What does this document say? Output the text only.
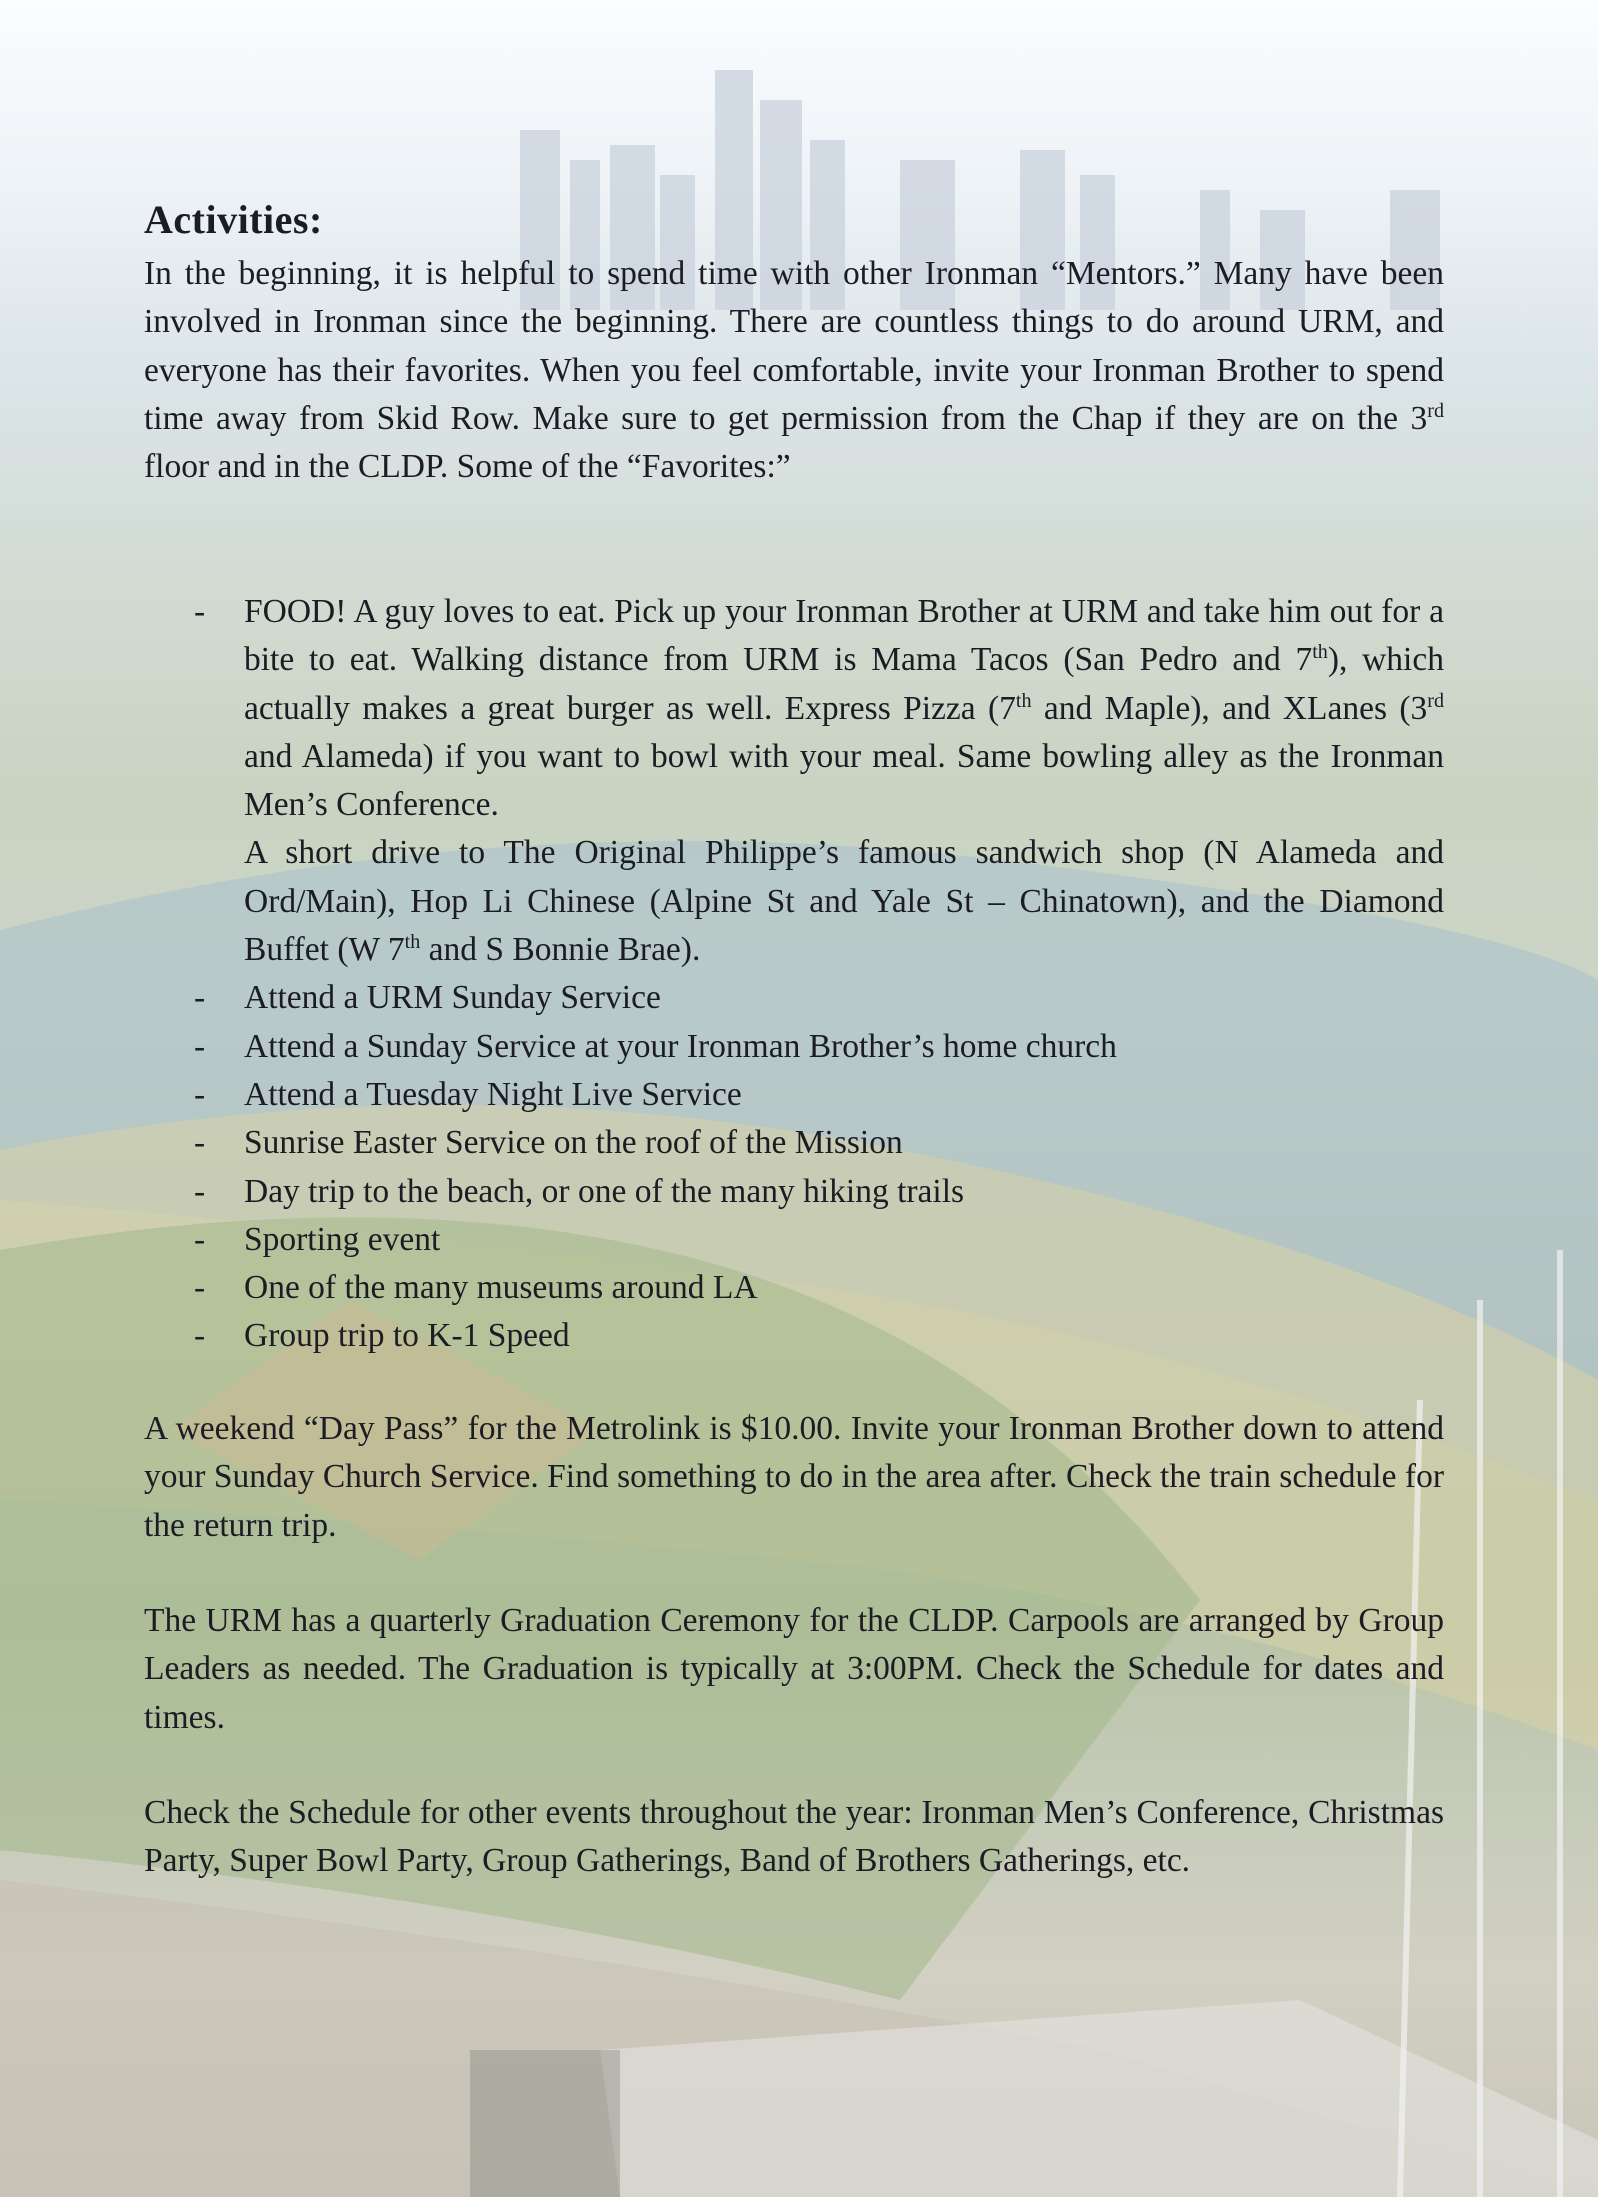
Activities:

In the beginning, it is helpful to spend time with other Ironman “Mentors.” Many have been involved in Ironman since the beginning. There are countless things to do around URM, and everyone has their favorites. When you feel comfortable, invite your Ironman Brother to spend time away from Skid Row. Make sure to get permission from the Chap if they are on the 3rd floor and in the CLDP. Some of the “Favorites:”

-	FOOD! A guy loves to eat. Pick up your Ironman Brother at URM and take him out for a bite to eat. Walking distance from URM is Mama Tacos (San Pedro and 7th), which actually makes a great burger as well. Express Pizza (7th and Maple), and XLanes (3rd and Alameda) if you want to bowl with your meal. Same bowling alley as the Ironman Men’s Conference.

A short drive to The Original Philippe’s famous sandwich shop (N Alameda and Ord/Main), Hop Li Chinese (Alpine St and Yale St – Chinatown), and the Diamond Buffet (W 7th and S Bonnie Brae).

-	Attend a URM Sunday Service
-	Attend a Sunday Service at your Ironman Brother’s home church
-	Attend a Tuesday Night Live Service
-	Sunrise Easter Service on the roof of the Mission
-	Day trip to the beach, or one of the many hiking trails
-	Sporting event
-	One of the many museums around LA
-	Group trip to K-1 Speed

A weekend “Day Pass” for the Metrolink is $10.00. Invite your Ironman Brother down to attend your Sunday Church Service. Find something to do in the area after. Check the train schedule for the return trip.

The URM has a quarterly Graduation Ceremony for the CLDP. Carpools are arranged by Group Leaders as needed. The Graduation is typically at 3:00PM. Check the Schedule for dates and times.

Check the Schedule for other events throughout the year: Ironman Men’s Conference, Christmas Party, Super Bowl Party, Group Gatherings, Band of Brothers Gatherings, etc.
